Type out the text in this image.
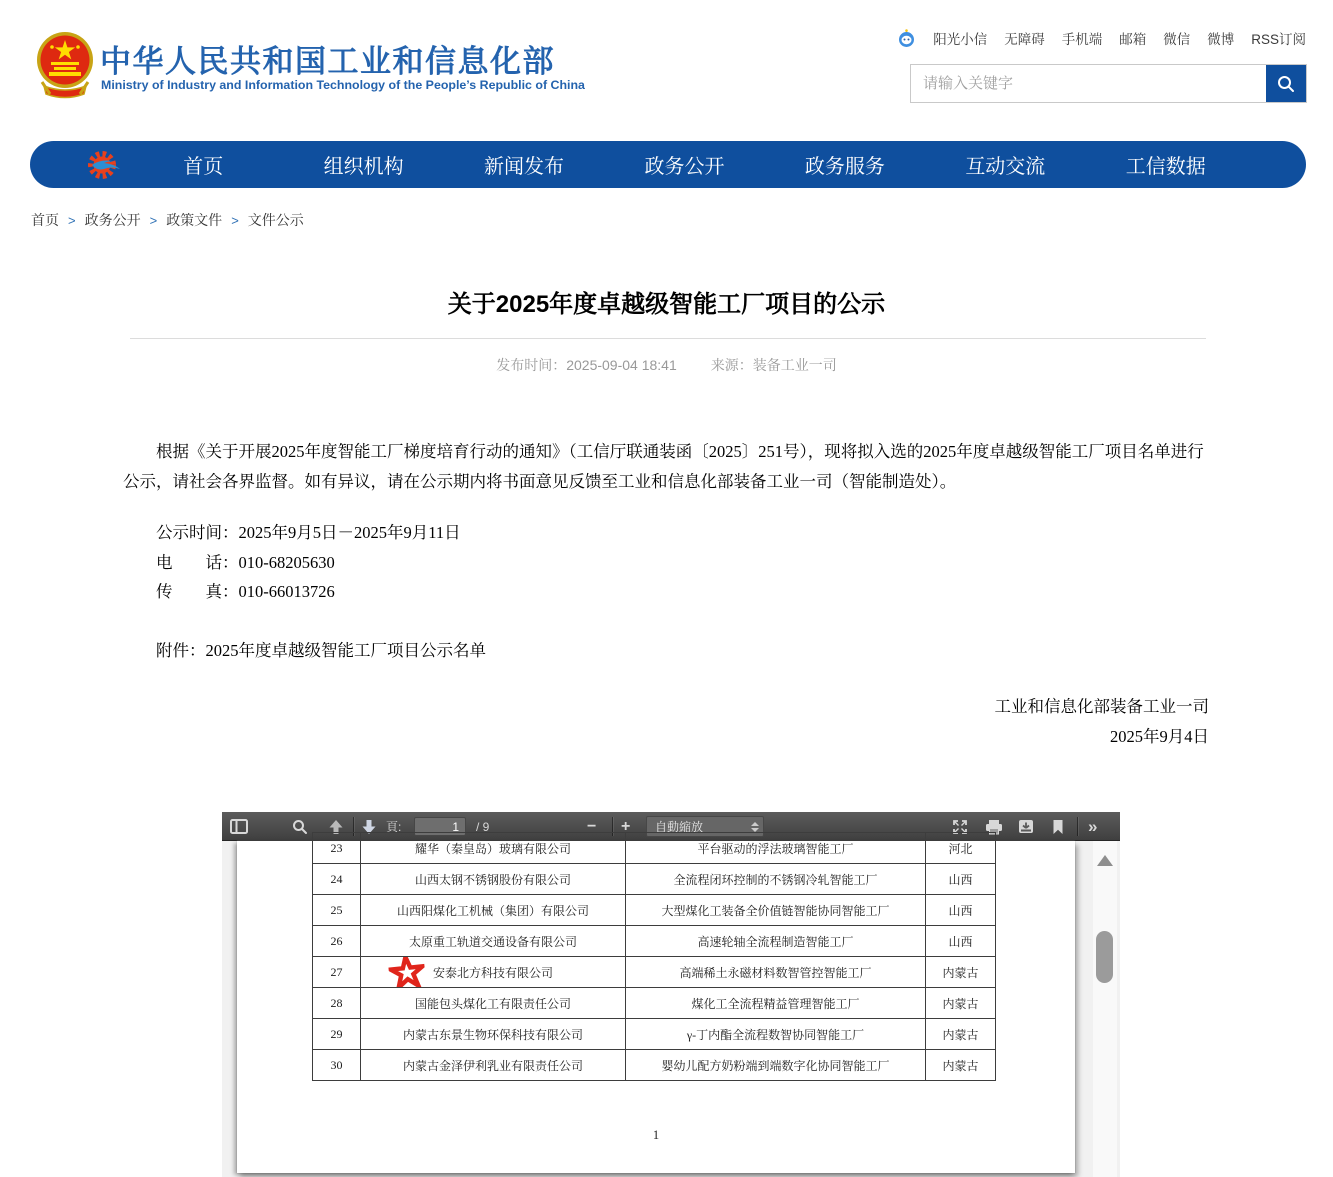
中华人民共和国工业和信息化部
Ministry of Industry and Information Technology of the People’s Republic of China
阳光小信 无障碍 手机端 邮箱 微信 微博 RSS订阅
请输入关键字
首页	组织机构	新闻发布	政务公开	政务服务	互动交流	工信数据
首页 > 政务公开 > 政策文件 > 文件公示
关于2025年度卓越级智能工厂项目的公示
发布时间：2025-09-04 18:41 来源：装备工业一司

根据《关于开展2025年度智能工厂梯度培育行动的通知》（工信厅联通装函〔2025〕251号），现将拟入选的2025年度卓越级智能工厂项目名单进行公示，请社会各界监督。如有异议，请在公示期内将书面意见反馈至工业和信息化部装备工业一司（智能制造处）。

公示时间：2025年9月5日－2025年9月11日

电　　话：010-68205630

传　　真：010-66013726

附件：2025年度卓越级智能工厂项目公示名单

工业和信息化部装备工业一司

2025年9月4日

頁:
1	/ 9	− +	自動縮放	»
23	耀华（秦皇岛）玻璃有限公司	平台驱动的浮法玻璃智能工厂	河北
24	山西太钢不锈钢股份有限公司	全流程闭环控制的不锈钢冷轧智能工厂	山西
25	山西阳煤化工机械（集团）有限公司	大型煤化工装备全价值链智能协同智能工厂	山西
26	太原重工轨道交通设备有限公司	高速轮轴全流程制造智能工厂	山西
27	安泰北方科技有限公司	高端稀土永磁材料数智管控智能工厂	内蒙古
28	国能包头煤化工有限责任公司	煤化工全流程精益管理智能工厂	内蒙古
29	内蒙古东景生物环保科技有限公司	γ-丁内酯全流程数智协同智能工厂	内蒙古
30	内蒙古金泽伊利乳业有限责任公司	婴幼儿配方奶粉端到端数字化协同智能工厂	内蒙古
1
